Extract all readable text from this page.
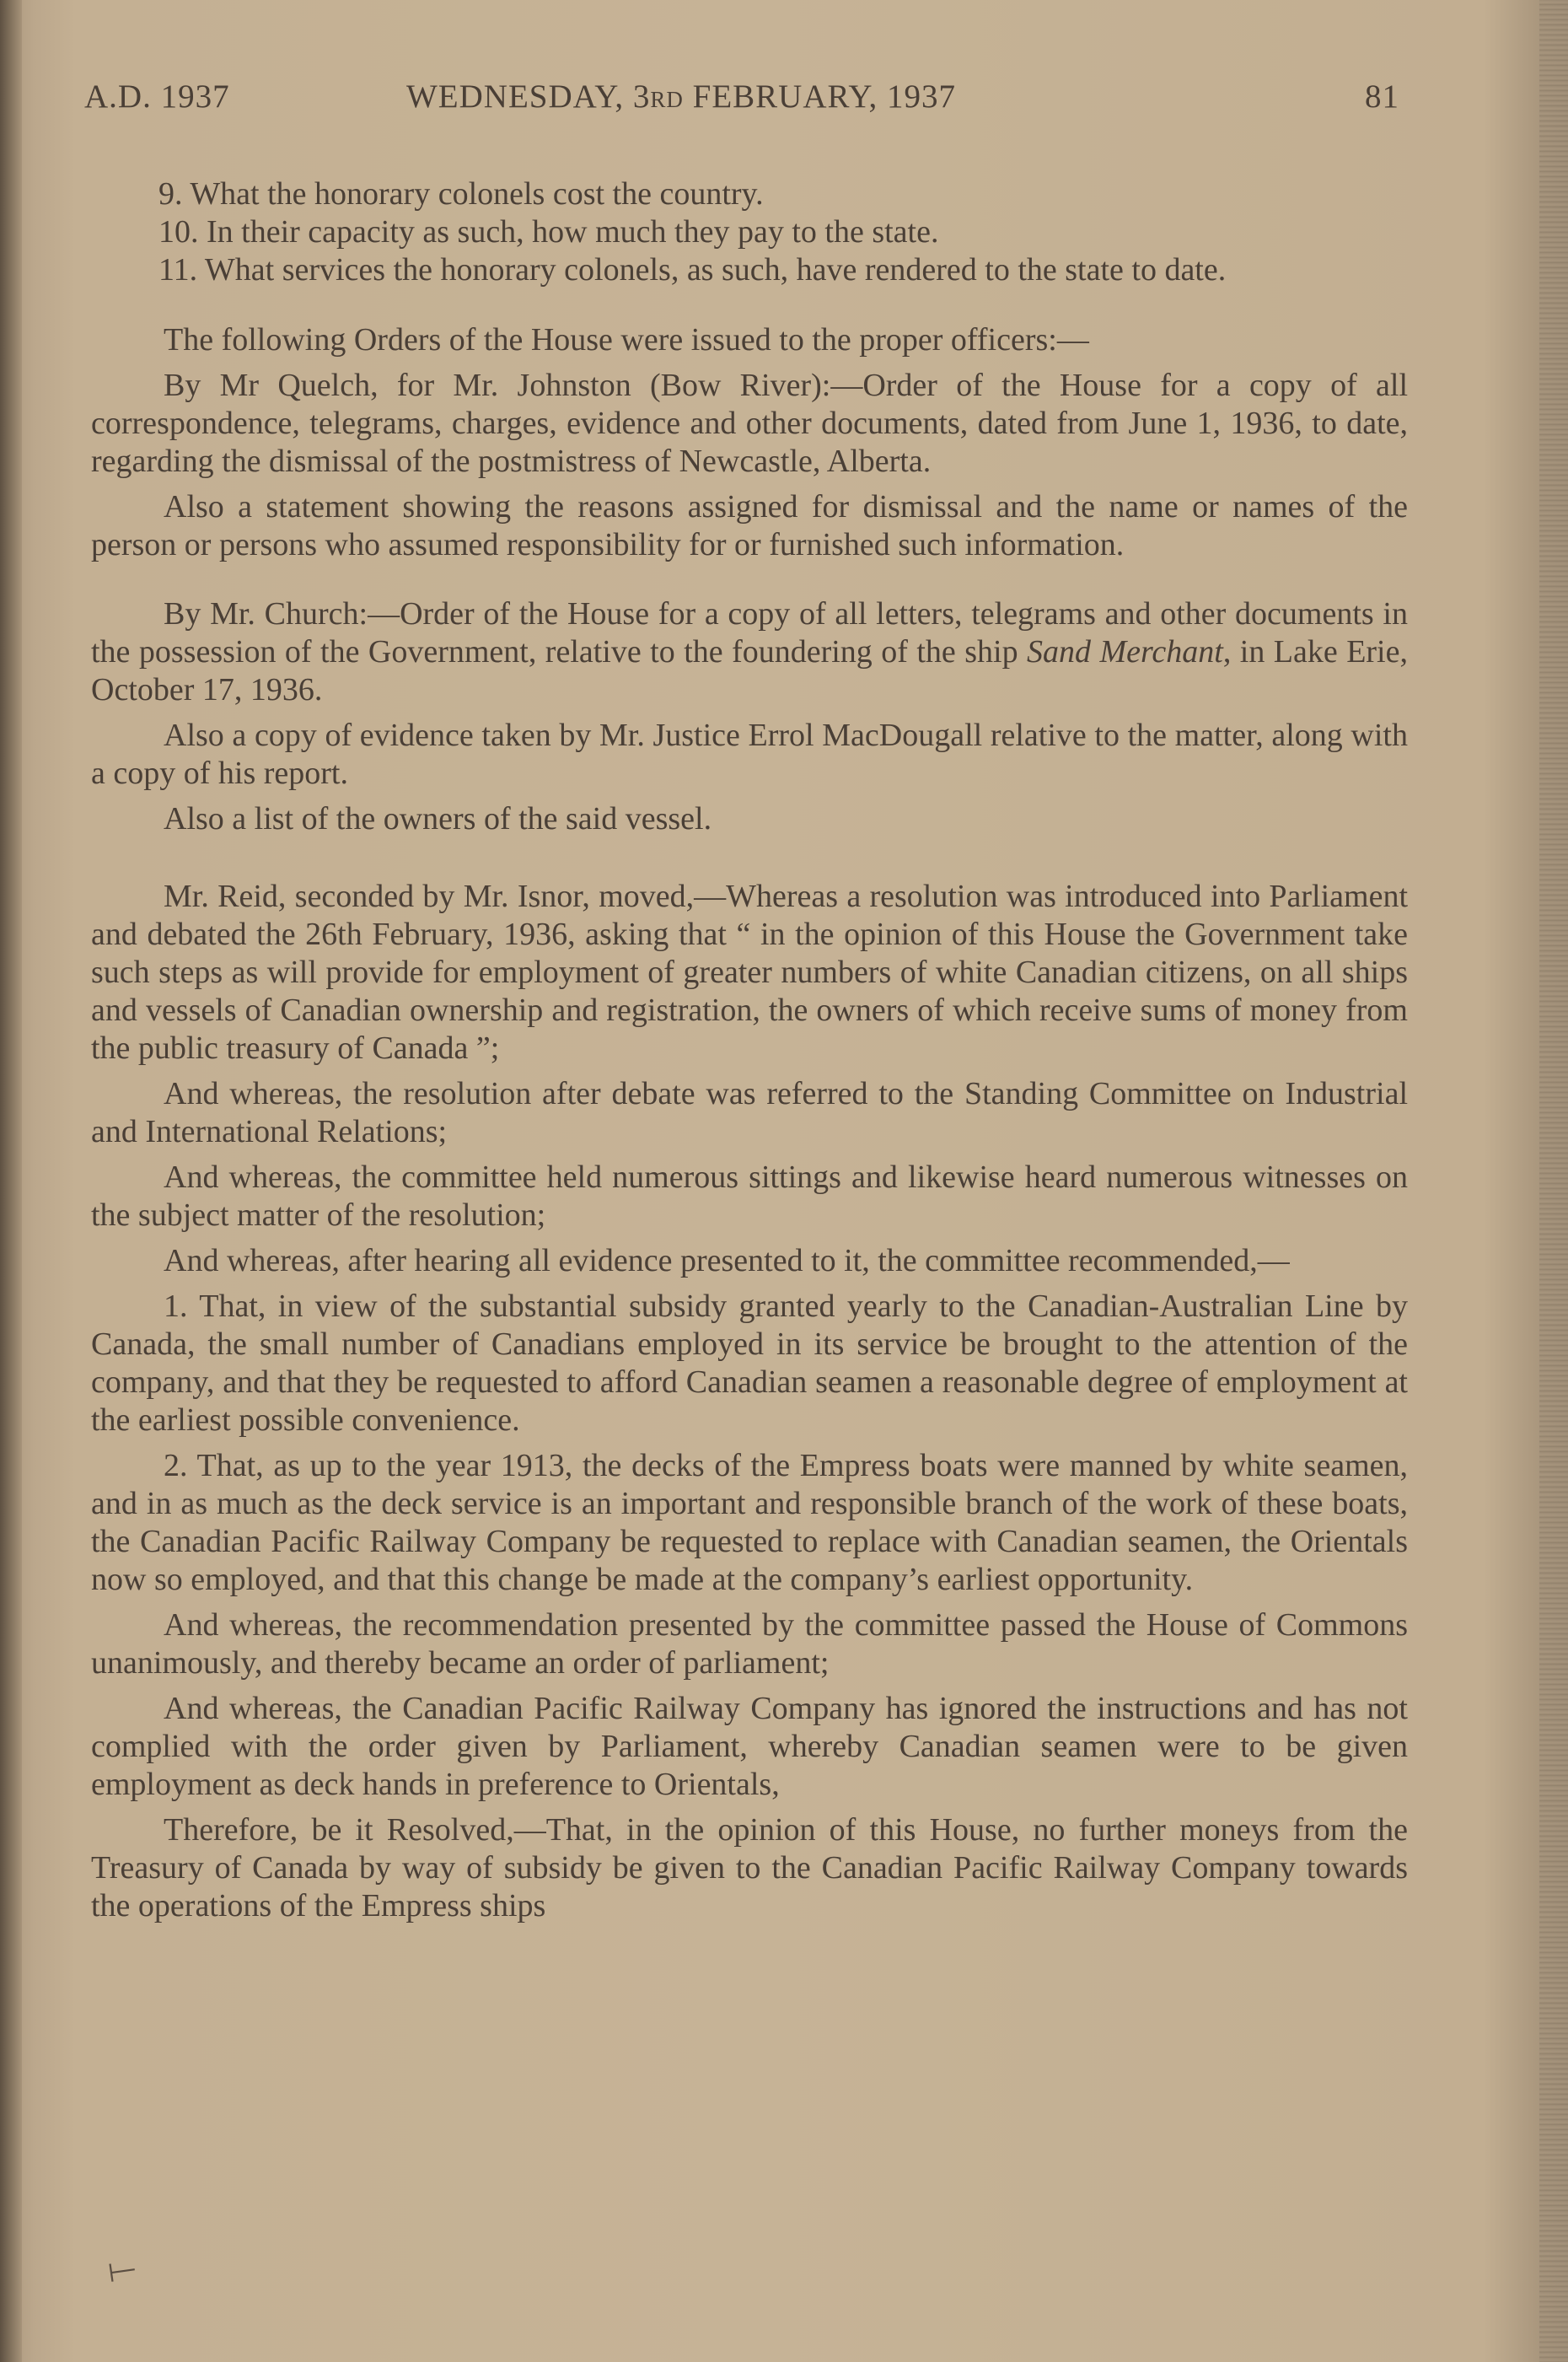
A.D. 1937	WEDNESDAY, 3RD FEBRUARY, 1937	81

9. What the honorary colonels cost the country.

10. In their capacity as such, how much they pay to the state.

11. What services the honorary colonels, as such, have rendered to the state to date.

The following Orders of the House were issued to the proper officers:—

By Mr Quelch, for Mr. Johnston (Bow River):—Order of the House for a copy of all correspondence, telegrams, charges, evidence and other documents, dated from June 1, 1936, to date, regarding the dismissal of the postmistress of Newcastle, Alberta.

Also a statement showing the reasons assigned for dismissal and the name or names of the person or persons who assumed responsibility for or furnished such information.

By Mr. Church:—Order of the House for a copy of all letters, telegrams and other documents in the possession of the Government, relative to the foundering of the ship Sand Merchant, in Lake Erie, October 17, 1936.

Also a copy of evidence taken by Mr. Justice Errol MacDougall relative to the matter, along with a copy of his report.

Also a list of the owners of the said vessel.

Mr. Reid, seconded by Mr. Isnor, moved,—Whereas a resolution was introduced into Parliament and debated the 26th February, 1936, asking that “ in the opinion of this House the Government take such steps as will provide for employment of greater numbers of white Canadian citizens, on all ships and vessels of Canadian ownership and registration, the owners of which receive sums of money from the public treasury of Canada ”;

And whereas, the resolution after debate was referred to the Standing Committee on Industrial and International Relations;

And whereas, the committee held numerous sittings and likewise heard numerous witnesses on the subject matter of the resolution;

And whereas, after hearing all evidence presented to it, the committee recommended,—

1. That, in view of the substantial subsidy granted yearly to the Canadian-Australian Line by Canada, the small number of Canadians employed in its service be brought to the attention of the company, and that they be requested to afford Canadian seamen a reasonable degree of employment at the earliest possible convenience.

2. That, as up to the year 1913, the decks of the Empress boats were manned by white seamen, and in as much as the deck service is an important and responsible branch of the work of these boats, the Canadian Pacific Railway Company be requested to replace with Canadian seamen, the Orientals now so employed, and that this change be made at the company’s earliest opportunity.

And whereas, the recommendation presented by the committee passed the House of Commons unanimously, and thereby became an order of parliament;

And whereas, the Canadian Pacific Railway Company has ignored the instructions and has not complied with the order given by Parliament, whereby Canadian seamen were to be given employment as deck hands in preference to Orientals,

Therefore, be it Resolved,—That, in the opinion of this House, no further moneys from the Treasury of Canada by way of subsidy be given to the Canadian Pacific Railway Company towards the operations of the Empress ships

⟝
